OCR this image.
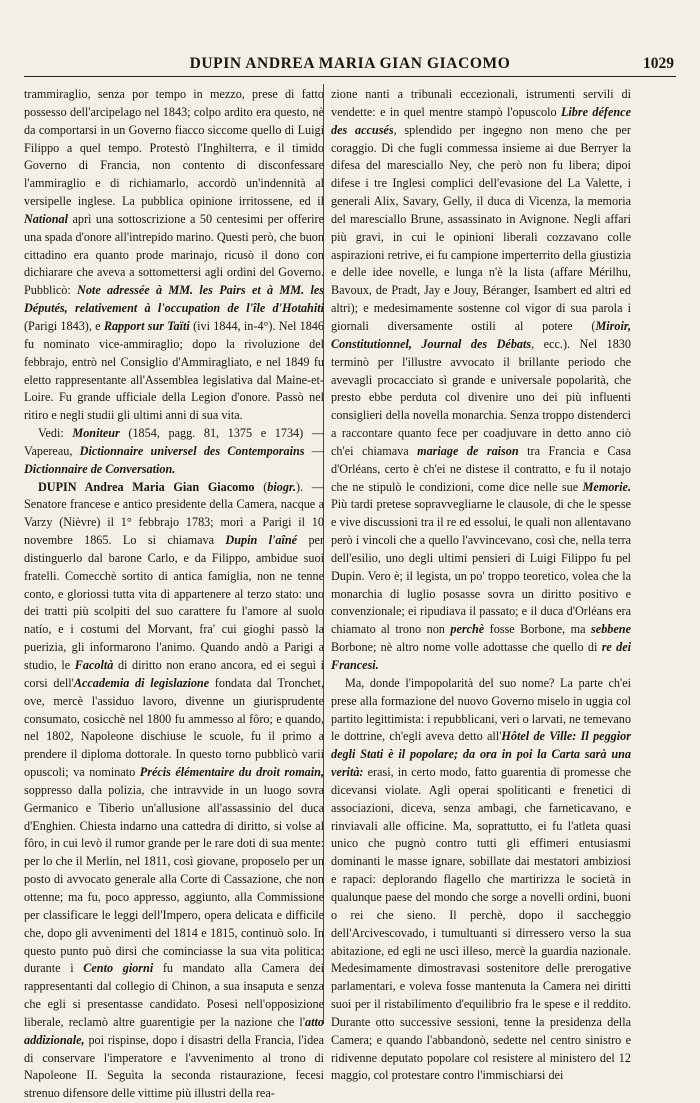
DUPIN ANDREA MARIA GIAN GIACOMO	1029

trammiraglio, senza por tempo in mezzo, prese di fatto possesso dell'arcipelago nel 1843; colpo ardito era questo, nè da comportarsi in un Governo fiacco siccome quello di Luigi Filippo a quel tempo. Protestò l'Inghilterra, e il timido Governo di Francia, non contento di disconfessare l'ammiraglio e di richiamarlo, accordò un'indennità al versipelle inglese. La pubblica opinione irritossene, ed il National aprì una sottoscrizione a 50 centesimi per offerire una spada d'onore all'intrepido marino. Questi però, che buon cittadino era quanto prode marinajo, ricusò il dono con dichiarare che aveva a sottomettersi agli ordini del Governo. Pubblicò: Note adressée à MM. les Pairs et à MM. les Députés, relativement à l'occupation de l'île d'Hotahiti (Parigi 1843), e Rapport sur Taïti (ivi 1844, in-4°). Nel 1846 fu nominato vice-ammiraglio; dopo la rivoluzione del febbrajo, entrò nel Consiglio d'Ammiragliato, e nel 1849 fu eletto rappresentante all'Assemblea legislativa dal Maine-et-Loire. Fu grande ufficiale della Legion d'onore. Passò nel ritiro e negli studii gli ultimi anni di sua vita.

Vedi: Moniteur (1854, pagg. 81, 1375 e 1734) — Vapereau, Dictionnaire universel des Contemporains — Dictionnaire de Conversation.

DUPIN Andrea Maria Gian Giacomo (biogr.). — Senatore francese e antico presidente della Camera, nacque a Varzy (Nièvre) il 1° febbrajo 1783; morì a Parigi il 10 novembre 1865. Lo si chiamava Dupin l'aîné per distinguerlo dal barone Carlo, e da Filippo, ambidue suoi fratelli. Comecchè sortito di antica famiglia, non ne tenne conto, e gloriossi tutta vita di appartenere al terzo stato: uno dei tratti più scolpiti del suo carattere fu l'amore al suolo natío, e i costumi del Morvant, fra' cui gioghi passò la puerizia, gli informarono l'animo. Quando andò a Parigi a studio, le Facoltà di diritto non erano ancora, ed ei seguì i corsi dell'Accademia di legislazione fondata dal Tronchet, ove, mercè l'assiduo lavoro, divenne un giurisprudente consumato, cosicchè nel 1800 fu ammesso al fôro; e quando, nel 1802, Napoleone dischiuse le scuole, fu il primo a prendere il diploma dottorale. In questo torno pubblicò varii opuscoli; va nominato Précis élémentaire du droit romain, soppresso dalla polizia, che intravvide in un luogo sovra Germanico e Tiberio un'allusione all'assassinio del duca d'Enghien. Chiesta indarno una cattedra di diritto, si volse al fôro, in cui levò il rumor grande per le rare doti di sua mente: per lo che il Merlin, nel 1811, così giovane, proposelo per un posto di avvocato generale alla Corte di Cassazione, che non ottenne; ma fu, poco appresso, aggiunto, alla Commissione per classificare le leggi dell'Impero, opera delicata e difficile che, dopo gli avvenimenti del 1814 e 1815, continuò solo. In questo punto può dirsi che cominciasse la sua vita politica: durante i Cento giorni fu mandato alla Camera dei rappresentanti dal collegio di Chinon, a sua insaputa e senza che egli si presentasse candidato. Posesi nell'opposizione liberale, reclamò altre guarentigie per la nazione che l'atto addizionale, poi rispinse, dopo i disastri della Francia, l'idea di conservare l'imperatore e l'avvenimento al trono di Napoleone II. Seguìta la seconda ristaurazione, fecesi strenuo difensore delle vittime più illustri della rea-

zione nanti a tribunali eccezionali, istrumenti servili di vendette: e in quel mentre stampò l'opuscolo Libre défence des accusés, splendido per ingegno non meno che per coraggio. Di che fugli commessa insieme ai due Berryer la difesa del maresciallo Ney, che però non fu libera; dipoi difese i tre Inglesi complici dell'evasione del La Valette, i generali Alix, Savary, Gelly, il duca di Vicenza, la memoria del maresciallo Brune, assassinato in Avignone. Negli affari più gravi, in cui le opinioni liberali cozzavano colle aspirazioni retrive, ei fu campione imperterrito della giustizia e delle idee novelle, e lunga n'è la lista (affare Mérilhu, Bavoux, de Pradt, Jay e Jouy, Béranger, Isambert ed altri ed altri); e medesimamente sostenne col vigor di sua parola i giornali diversamente ostili al potere (Miroir, Constitutionnel, Journal des Débats, ecc.). Nel 1830 terminò per l'illustre avvocato il brillante periodo che avevagli procacciato sì grande e universale popolarità, che presto ebbe perduta col divenire uno dei più influenti consiglieri della novella monarchia. Senza troppo distenderci a raccontare quanto fece per coadjuvare in detto anno ciò ch'ei chiamava mariage de raison tra Francia e Casa d'Orléans, certo è ch'ei ne distese il contratto, e fu il notajo che ne stipulò le condizioni, come dice nelle sue Memorie. Più tardi pretese sopravvegliarne le clausole, di che le spesse e vive discussioni tra il re ed essolui, le quali non allentavano però i vincoli che a quello l'avvincevano, così che, nella terra dell'esilio, uno degli ultimi pensieri di Luigi Filippo fu pel Dupin. Vero è; il legista, un po' troppo teoretico, volea che la monarchia di luglio posasse sovra un diritto positivo e convenzionale; ei ripudiava il passato; e il duca d'Orléans era chiamato al trono non perchè fosse Borbone, ma sebbene Borbone; nè altro nome volle adottasse che quello di re dei Francesi.

Ma, donde l'impopolarità del suo nome? La parte ch'ei prese alla formazione del nuovo Governo miselo in uggia col partito legittimista: i repubblicani, veri o larvati, ne temevano le dottrine, ch'egli aveva detto all'Hôtel de Ville: Il peggior degli Stati è il popolare; da ora in poi la Carta sarà una verità: erasi, in certo modo, fatto guarentia di promesse che dicevansi violate. Agli operai spoliticanti e frenetici di associazioni, diceva, senza ambagi, che farneticavano, e rinviavali alle officine. Ma, soprattutto, ei fu l'atleta quasi unico che pugnò contro tutti gli effimeri entusiasmi dominanti le masse ignare, sobillate dai mestatori ambiziosi e rapaci: deplorando flagello che martirizza le società in qualunque paese del mondo che sorge a novelli ordini, buoni o rei che sieno. Il perchè, dopo il saccheggio dell'Arcivescovado, i tumultuanti si dirressero verso la sua abitazione, ed egli ne uscì illeso, mercè la guardia nazionale. Medesimamente dimostravasi sostenitore delle prerogative parlamentari, e voleva fosse mantenuta la Camera nei diritti suoi per il ristabilimento d'equilibrio fra le spese e il reddito. Durante otto successive sessioni, tenne la presidenza della Camera; e quando l'abbandonò, sedette nel centro sinistro e ridivenne deputato popolare col resistere al ministero del 12 maggio, col protestare contro l'immischiarsi dei
